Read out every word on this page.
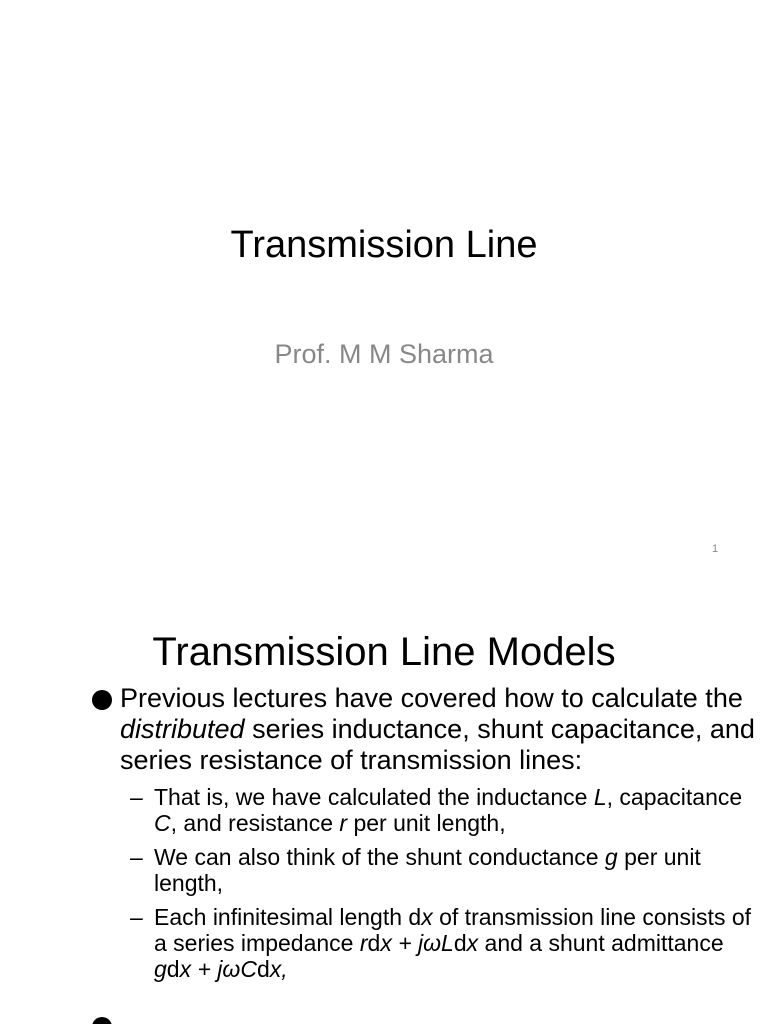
Transmission Line
Prof. M M Sharma
1
Transmission Line Models
Previous lectures have covered how to calculate the distributed series inductance, shunt capacitance, and series resistance of transmission lines:
– That is, we have calculated the inductance L, capacitance C, and resistance r per unit length,
– We can also think of the shunt conductance g per unit length,
– Each infinitesimal length dx of transmission line consists of a series impedance rdx + jωLdx and a shunt admittance gdx + jωCdx,
